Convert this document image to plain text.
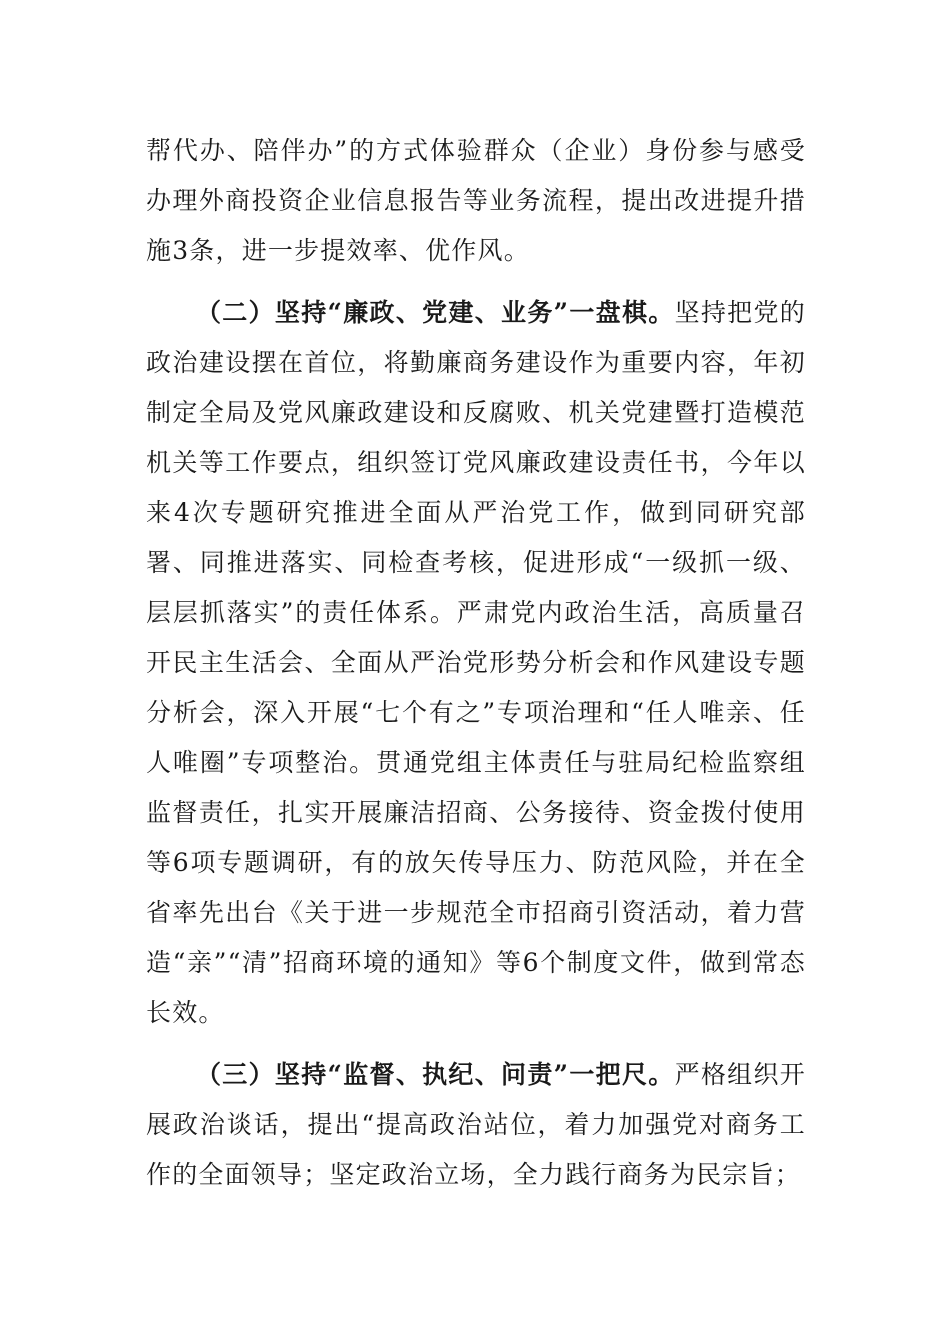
帮代办、陪伴办”的方式体验群众（企业）身份参与感受办理外商投资企业信息报告等业务流程，提出改进提升措施3条，进一步提效率、优作风。

（二）坚持“廉政、党建、业务”一盘棋。坚持把党的政治建设摆在首位，将勤廉商务建设作为重要内容，年初制定全局及党风廉政建设和反腐败、机关党建暨打造模范机关等工作要点，组织签订党风廉政建设责任书，今年以来4次专题研究推进全面从严治党工作，做到同研究部署、同推进落实、同检查考核，促进形成“一级抓一级、层层抓落实”的责任体系。严肃党内政治生活，高质量召开民主生活会、全面从严治党形势分析会和作风建设专题分析会，深入开展“七个有之”专项治理和“任人唯亲、任人唯圈”专项整治。贯通党组主体责任与驻局纪检监察组监督责任，扎实开展廉洁招商、公务接待、资金拨付使用等6项专题调研，有的放矢传导压力、防范风险，并在全省率先出台《关于进一步规范全市招商引资活动，着力营造“亲”“清”招商环境的通知》等6个制度文件，做到常态长效。

（三）坚持“监督、执纪、问责”一把尺。严格组织开展政治谈话，提出“提高政治站位，着力加强党对商务工作的全面领导；坚定政治立场，全力践行商务为民宗旨；
